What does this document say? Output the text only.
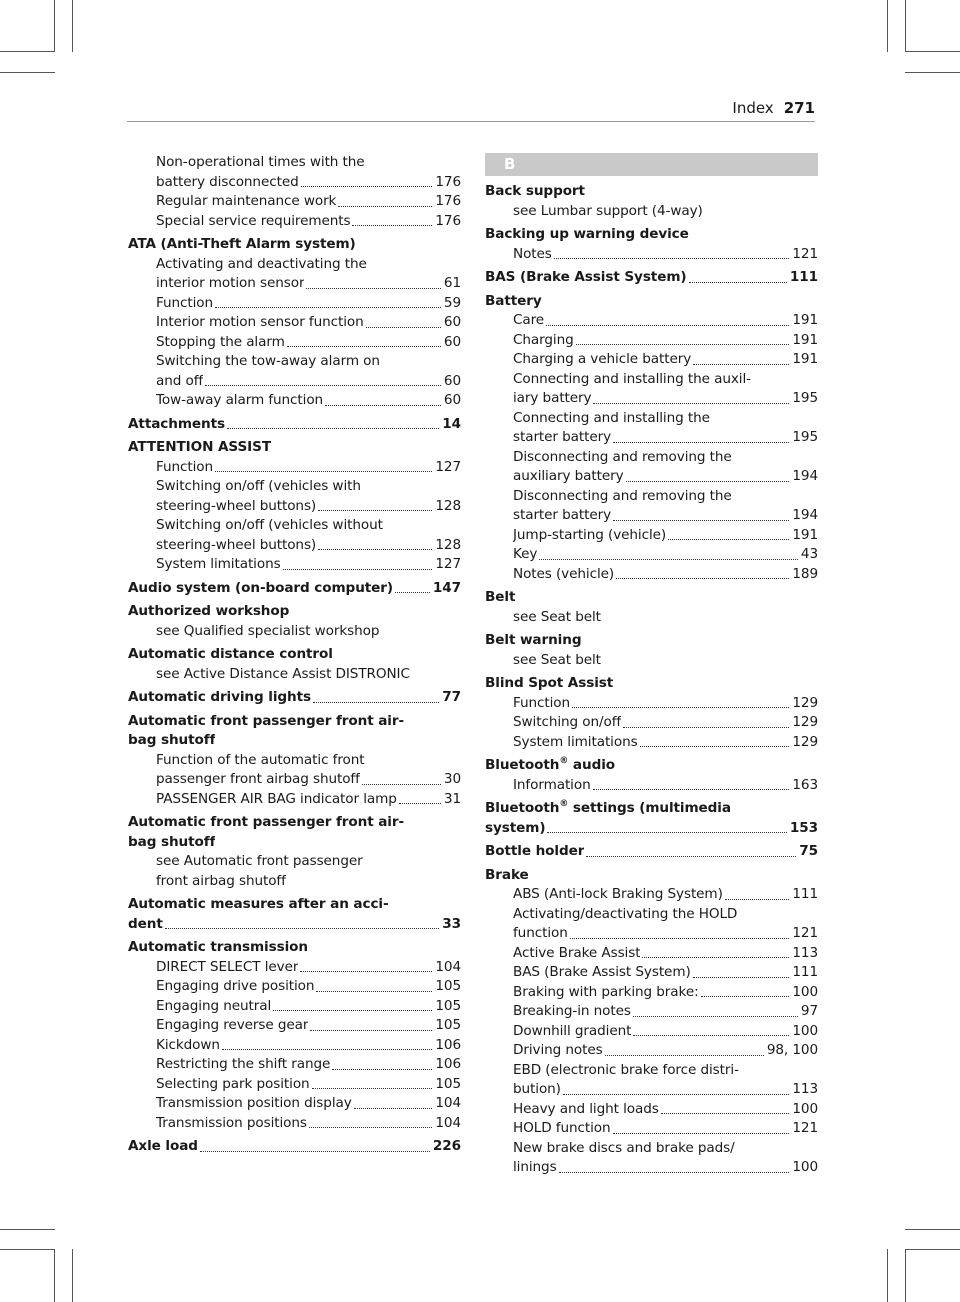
Index 271
Non-operational times with the
battery disconnected	176
Regular maintenance work	176
Special service requirements	176
ATA (Anti-Theft Alarm system)
Activating and deactivating the
interior motion sensor	61
Function	59
Interior motion sensor function	60
Stopping the alarm	60
Switching the tow-away alarm on
and off	60
Tow-away alarm function	60
Attachments	14
ATTENTION ASSIST
Function	127
Switching on/off (vehicles with
steering-wheel buttons)	128
Switching on/off (vehicles without
steering-wheel buttons)	128
System limitations	127
Audio system (on-board computer)	147
Authorized workshop
see Qualified specialist workshop
Automatic distance control
see Active Distance Assist DISTRONIC
Automatic driving lights	77
Automatic front passenger front air-
bag shutoff
Function of the automatic front
passenger front airbag shutoff	30
PASSENGER AIR BAG indicator lamp	31
Automatic front passenger front air-
bag shutoff
see Automatic front passenger
front airbag shutoff
Automatic measures after an acci-
dent	33
Automatic transmission
DIRECT SELECT lever	104
Engaging drive position	105
Engaging neutral	105
Engaging reverse gear	105
Kickdown	106
Restricting the shift range	106
Selecting park position	105
Transmission position display	104
Transmission positions	104
Axle load	226
B
Back support
see Lumbar support (4-way)
Backing up warning device
Notes	121
BAS (Brake Assist System)	111
Battery
Care	191
Charging	191
Charging a vehicle battery	191
Connecting and installing the auxil-
iary battery	195
Connecting and installing the
starter battery	195
Disconnecting and removing the
auxiliary battery	194
Disconnecting and removing the
starter battery	194
Jump-starting (vehicle)	191
Key	43
Notes (vehicle)	189
Belt
see Seat belt
Belt warning
see Seat belt
Blind Spot Assist
Function	129
Switching on/off	129
System limitations	129
Bluetooth® audio
Information	163
Bluetooth® settings (multimedia
system)	153
Bottle holder	75
Brake
ABS (Anti-lock Braking System)	111
Activating/deactivating the HOLD
function	121
Active Brake Assist	113
BAS (Brake Assist System)	111
Braking with parking brake:	100
Breaking-in notes	97
Downhill gradient	100
Driving notes	98, 100
EBD (electronic brake force distri-
bution)	113
Heavy and light loads	100
HOLD function	121
New brake discs and brake pads/
linings	100
